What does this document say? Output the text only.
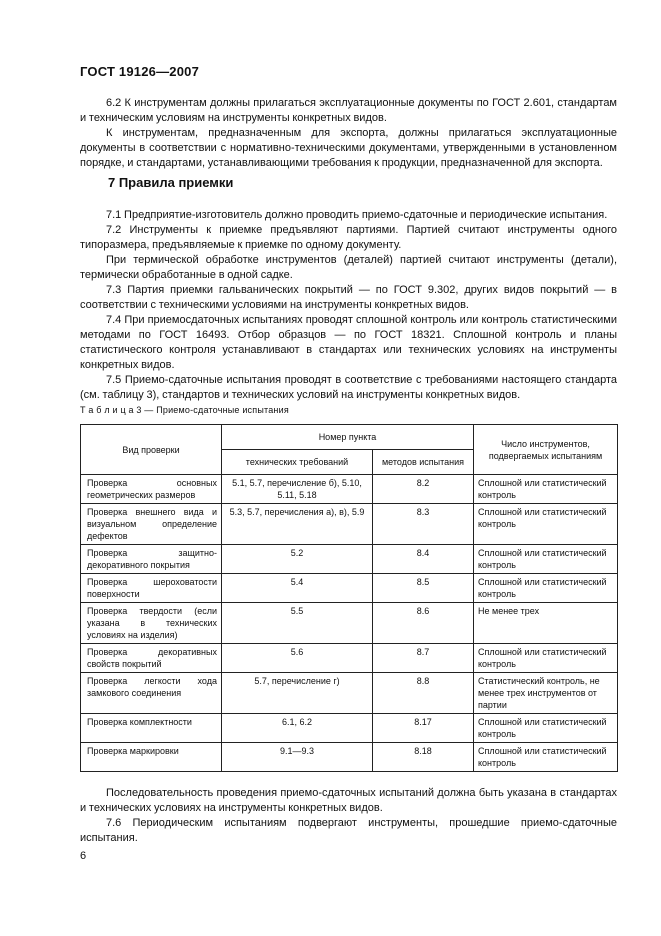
ГОСТ 19126—2007

6.2 К инструментам должны прилагаться эксплуатационные документы по ГОСТ 2.601, стандартам и техническим условиям на инструменты конкретных видов.

К инструментам, предназначенным для экспорта, должны прилагаться эксплуатационные документы в соответствии с нормативно-техническими документами, утвержденными в установленном порядке, и стандартами, устанавливающими требования к продукции, предназначенной для экспорта.

7 Правила приемки

7.1 Предприятие-изготовитель должно проводить приемо-сдаточные и периодические испытания.

7.2 Инструменты к приемке предъявляют партиями. Партией считают инструменты одного типоразмера, предъявляемые к приемке по одному документу.

При термической обработке инструментов (деталей) партией считают инструменты (детали), термически обработанные в одной садке.

7.3 Партия приемки гальванических покрытий — по ГОСТ 9.302, других видов покрытий — в соответствии с техническими условиями на инструменты конкретных видов.

7.4 При приемосдаточных испытаниях проводят сплошной контроль или контроль статистическими методами по ГОСТ 16493. Отбор образцов — по ГОСТ 18321. Сплошной контроль и планы статистического контроля устанавливают в стандартах или технических условиях на инструменты конкретных видов.

7.5 Приемо-сдаточные испытания проводят в соответствие с требованиями настоящего стандарта (см. таблицу 3), стандартов и технических условий на инструменты конкретных видов.

Т а б л и ц а 3 — Приемо-сдаточные испытания
Вид проверки	Номер пункта		Число инструментов, подвергаемых испытаниям
	технических требований	методов испытания	
Проверка основных геометрических размеров	5.1, 5.7, перечисление б), 5.10, 5.11, 5.18	8.2	Сплошной или статистический контроль
Проверка внешнего вида и визуальном определение дефектов	5.3, 5.7, перечисления а), в), 5.9	8.3	Сплошной или статистический контроль
Проверка защитно-декоративного покрытия	5.2	8.4	Сплошной или статистический контроль
Проверка шероховатости поверхности	5.4	8.5	Сплошной или статистический контроль
Проверка твердости (если указана в технических условиях на изделия)	5.5	8.6	Не менее трех
Проверка декоративных свойств покрытий	5.6	8.7	Сплошной или статистический контроль
Проверка легкости хода замкового соединения	5.7, перечисление г)	8.8	Статистический контроль, не менее трех инструментов от партии
Проверка комплектности	6.1, 6.2	8.17	Сплошной или статистический контроль
Проверка маркировки	9.1—9.3	8.18	Сплошной или статистический контроль

Последовательность проведения приемо-сдаточных испытаний должна быть указана в стандартах и технических условиях на инструменты конкретных видов.

7.6 Периодическим испытаниям подвергают инструменты, прошедшие приемо-сдаточные испытания.

6
